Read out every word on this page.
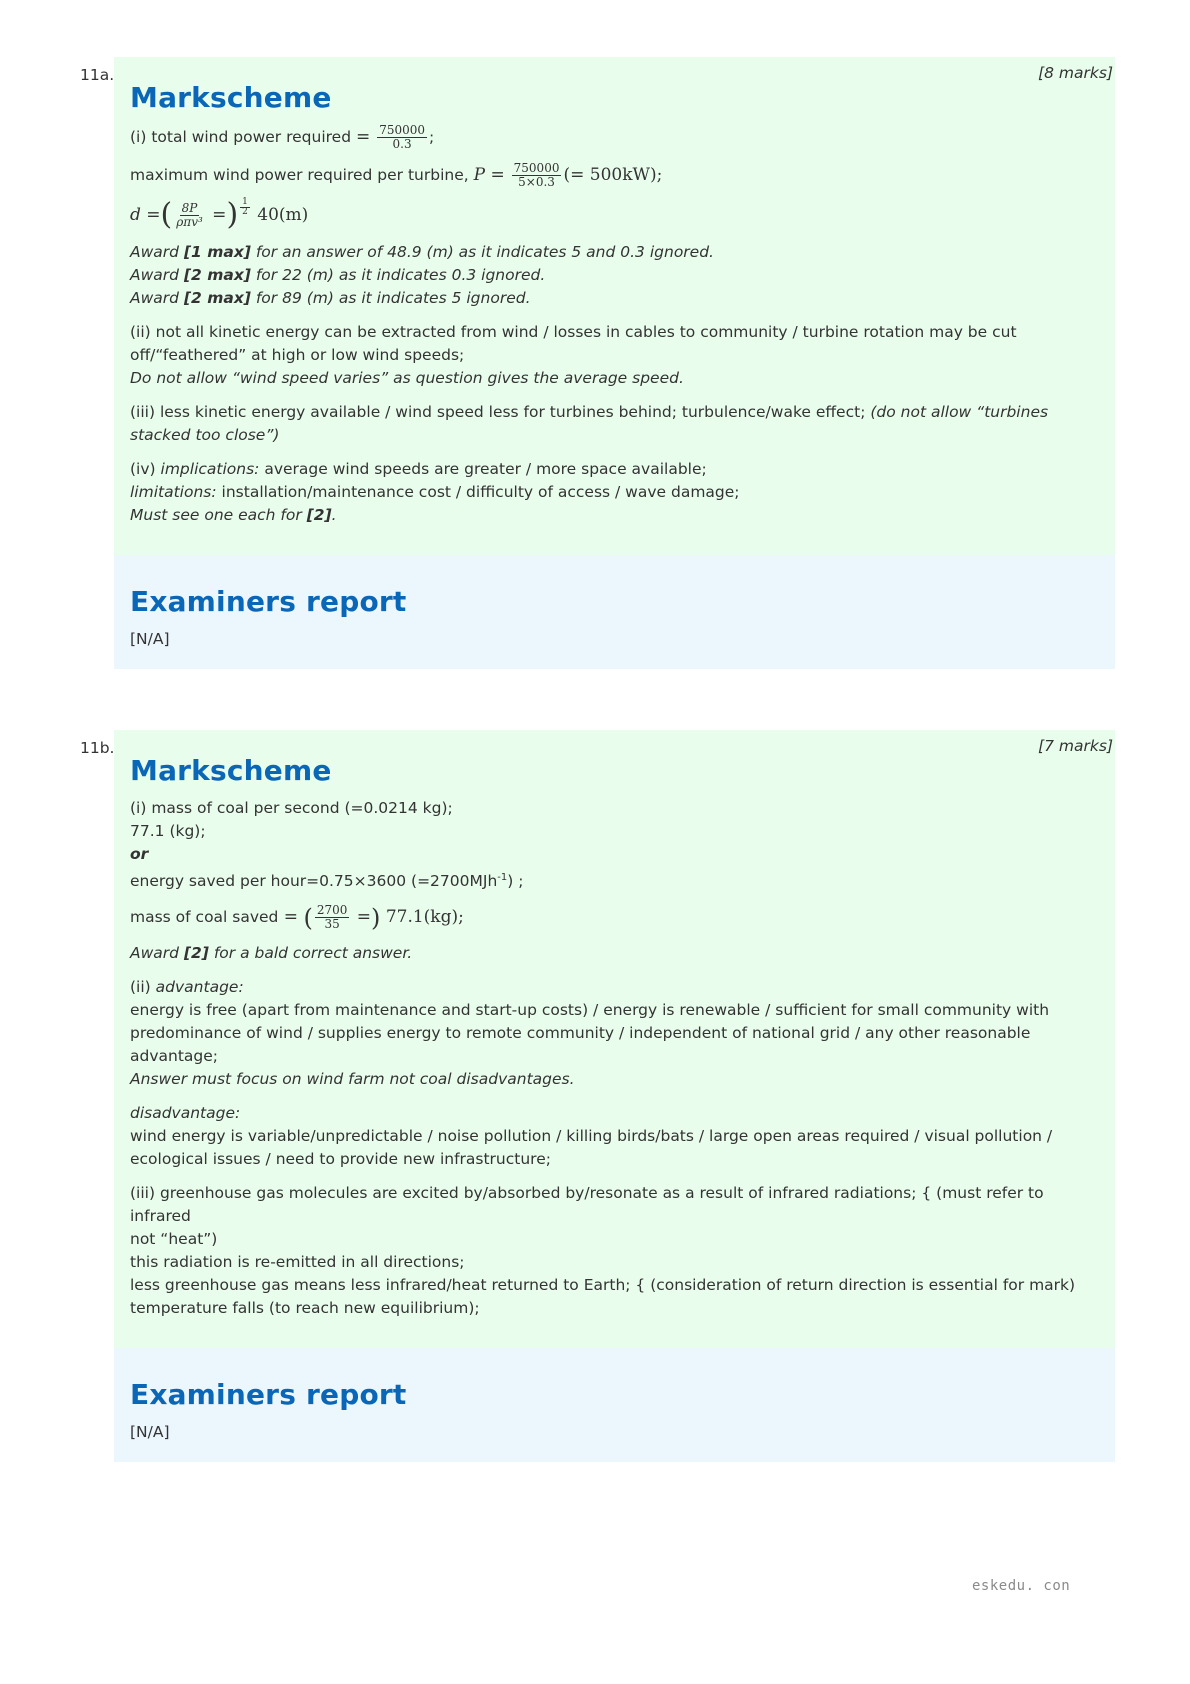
11a.	[8 marks]
Markscheme

(i) total wind power required = $\frac{750000}{0.3}$ ;

maximum wind power required per turbine, $P = \frac{750000}{5\times 0.3}$ (= 500kW);

d = ( $\frac{8P}{\text{ρπv³}}$ = ) $\frac{1}{2}$
40(m)

Award [1 max] for an answer of 48.9 (m) as it indicates 5 and 0.3 ignored.
Award [2 max] for 22 (m) as it indicates 0.3 ignored.
Award [2 max] for 89 (m) as it indicates 5 ignored.

(ii) not all kinetic energy can be extracted from wind / losses in cables to community / turbine rotation may be cut off/“feathered” at high or low wind speeds;
Do not allow “wind speed varies” as question gives the average speed.

(iii) less kinetic energy available / wind speed less for turbines behind; turbulence/wake effect; (do not allow “turbines stacked too close”)

(iv) implications: average wind speeds are greater / more space available;
limitations: installation/maintenance cost / difficulty of access / wave damage;
Must see one each for [2].

Examiners report

[N/A]

11b.	[7 marks]
Markscheme

(i) mass of coal per second (=0.0214 kg);
77.1 (kg);
or
energy saved per hour=0.75×3600 (=2700MJh$^{-1}$) ;

mass of coal saved = ( $\frac{2700}{35}$ = )
77.1(kg);

Award [2] for a bald correct answer.

(ii) advantage:
energy is free (apart from maintenance and start-up costs) / energy is renewable / sufficient for small community with predominance of wind / supplies energy to remote community / independent of national grid / any other reasonable advantage;
Answer must focus on wind farm not coal disadvantages.

disadvantage:
wind energy is variable/unpredictable / noise pollution / killing birds/bats / large open areas required / visual pollution / ecological issues / need to provide new infrastructure;

(iii) greenhouse gas molecules are excited by/absorbed by/resonate as a result of infrared radiations; { (must refer to infrared
not “heat”)
this radiation is re-emitted in all directions;
less greenhouse gas means less infrared/heat returned to Earth; { (consideration of return direction is essential for mark)
temperature falls (to reach new equilibrium);

Examiners report

[N/A]

eskedu. con
